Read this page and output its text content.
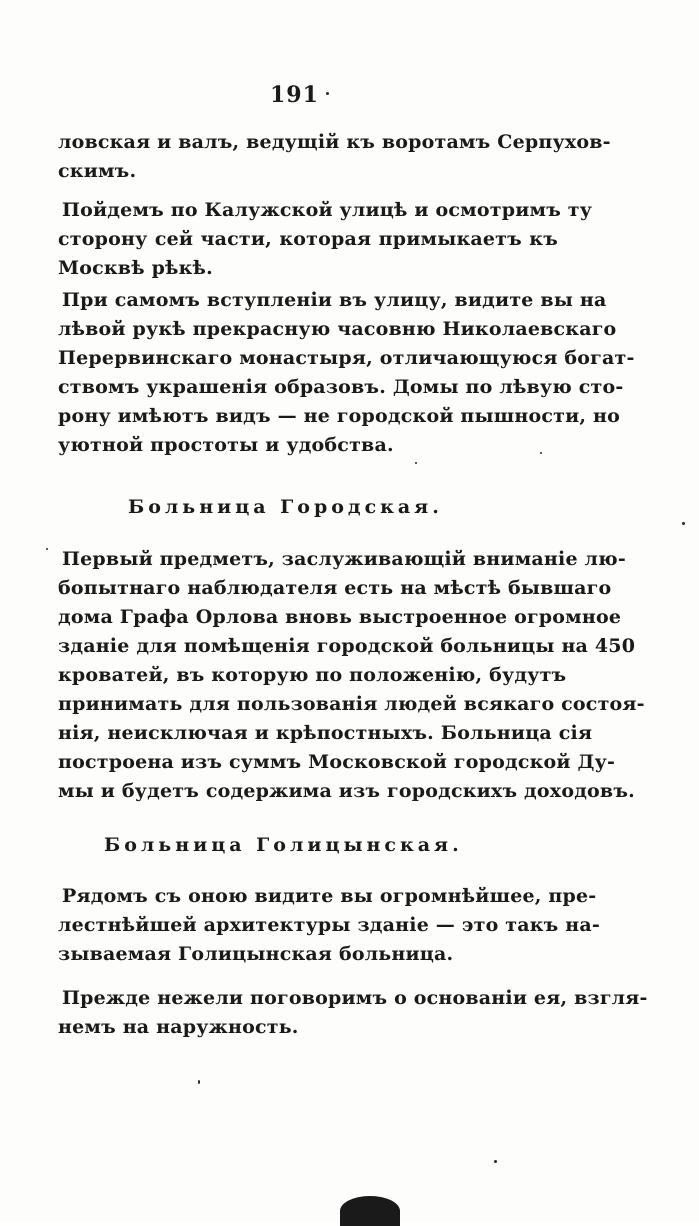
191
ловская и валъ, ведущій къ воротамъ Серпухов-
скимъ.
Пойдемъ по Калужской улицѣ и осмотримъ ту
сторону сей части, которая примыкаетъ къ
Москвѣ рѣкѣ.
При самомъ вступленіи въ улицу, видите вы на
лѣвой рукѣ прекрасную часовню Николаевскаго
Перервинскаго монастыря, отличающуюся богат-
ствомъ украшенія образовъ. Домы по лѣвую сто-
рону имѣютъ видъ — не городской пышности, но
уютной простоты и удобства.
Больница Городская.
Первый предметъ, заслуживающій вниманіе лю-
бопытнаго наблюдателя есть на мѣстѣ бывшаго
дома Графа Орлова вновь выстроенное огромное
зданіе для помѣщенія городской больницы на 450
кроватей, въ которую по положенію, будутъ
принимать для пользованія людей всякаго состоя-
нія, неисключая и крѣпостныхъ. Больница сія
построена изъ суммъ Московской городской Ду-
мы и будетъ содержима изъ городскихъ доходовъ.
Больница Голицынская.
Рядомъ съ оною видите вы огромнѣйшее, пре-
лестнѣйшей архитектуры зданіе — это такъ на-
зываемая Голицынская больница.
Прежде нежели поговоримъ о основаніи ея, взгля-
немъ на наружность.
